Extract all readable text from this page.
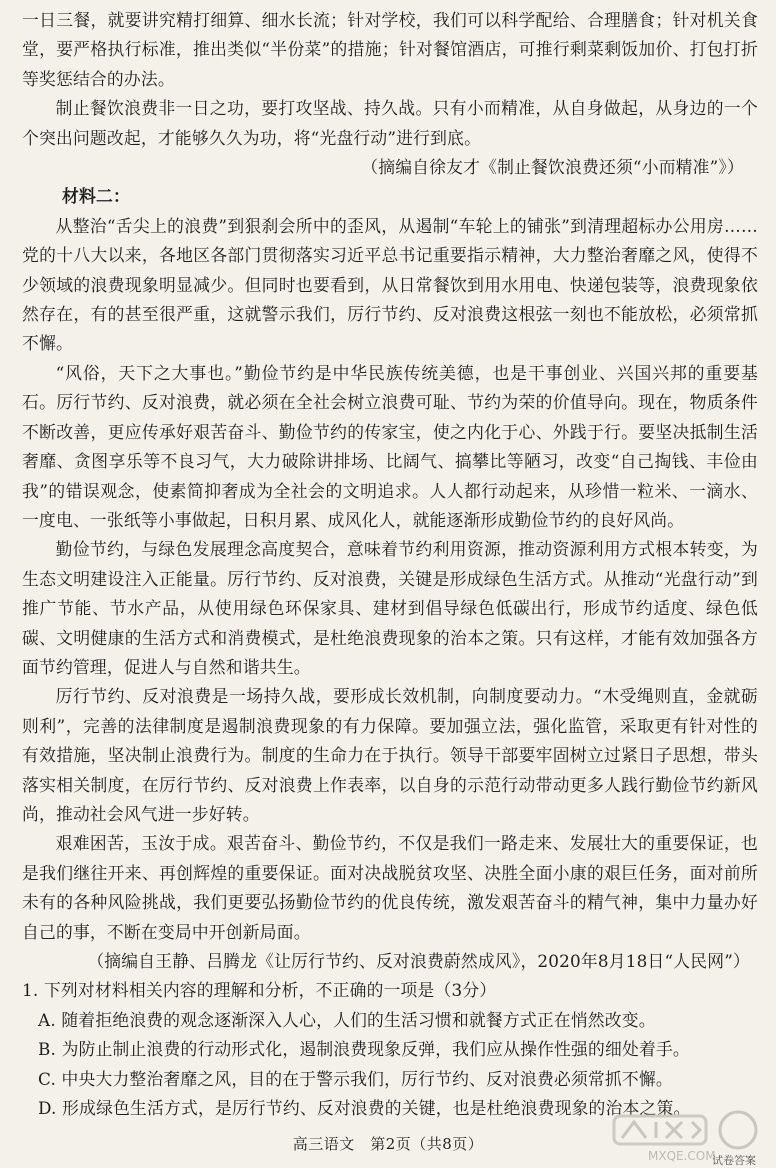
一日三餐，就要讲究精打细算、细水长流；针对学校，我们可以科学配给、合理膳食；针对机关食堂，要严格执行标准，推出类似“半份菜”的措施；针对餐馆酒店，可推行剩菜剩饭加价、打包打折等奖惩结合的办法。

制止餐饮浪费非一日之功，要打攻坚战、持久战。只有小而精准，从自身做起，从身边的一个个突出问题改起，才能够久久为功，将“光盘行动”进行到底。

（摘编自徐友才《制止餐饮浪费还须“小而精准”》）

材料二：

从整治“舌尖上的浪费”到狠刹会所中的歪风，从遏制“车轮上的铺张”到清理超标办公用房……党的十八大以来，各地区各部门贯彻落实习近平总书记重要指示精神，大力整治奢靡之风，使得不少领域的浪费现象明显减少。但同时也要看到，从日常餐饮到用水用电、快递包装等，浪费现象依然存在，有的甚至很严重，这就警示我们，厉行节约、反对浪费这根弦一刻也不能放松，必须常抓不懈。

“风俗，天下之大事也。”勤俭节约是中华民族传统美德，也是干事创业、兴国兴邦的重要基石。厉行节约、反对浪费，就必须在全社会树立浪费可耻、节约为荣的价值导向。现在，物质条件不断改善，更应传承好艰苦奋斗、勤俭节约的传家宝，使之内化于心、外践于行。要坚决抵制生活奢靡、贪图享乐等不良习气，大力破除讲排场、比阔气、搞攀比等陋习，改变“自己掏钱、丰俭由我”的错误观念，使素简抑奢成为全社会的文明追求。人人都行动起来，从珍惜一粒米、一滴水、一度电、一张纸等小事做起，日积月累、成风化人，就能逐渐形成勤俭节约的良好风尚。

勤俭节约，与绿色发展理念高度契合，意味着节约利用资源，推动资源利用方式根本转变，为生态文明建设注入正能量。厉行节约、反对浪费，关键是形成绿色生活方式。从推动“光盘行动”到推广节能、节水产品，从使用绿色环保家具、建材到倡导绿色低碳出行，形成节约适度、绿色低碳、文明健康的生活方式和消费模式，是杜绝浪费现象的治本之策。只有这样，才能有效加强各方面节约管理，促进人与自然和谐共生。

厉行节约、反对浪费是一场持久战，要形成长效机制，向制度要动力。“木受绳则直，金就砺则利”，完善的法律制度是遏制浪费现象的有力保障。要加强立法，强化监管，采取更有针对性的有效措施，坚决制止浪费行为。制度的生命力在于执行。领导干部要牢固树立过紧日子思想，带头落实相关制度，在厉行节约、反对浪费上作表率，以自身的示范行动带动更多人践行勤俭节约新风尚，推动社会风气进一步好转。

艰难困苦，玉汝于成。艰苦奋斗、勤俭节约，不仅是我们一路走来、发展壮大的重要保证，也是我们继往开来、再创辉煌的重要保证。面对决战脱贫攻坚、决胜全面小康的艰巨任务，面对前所未有的各种风险挑战，我们更要弘扬勤俭节约的优良传统，激发艰苦奋斗的精气神，集中力量办好自己的事，不断在变局中开创新局面。

（摘编自王静、吕腾龙《让厉行节约、反对浪费蔚然成风》，2020年8月18日“人民网”）

1. 下列对材料相关内容的理解和分析，不正确的一项是（3分）

A. 随着拒绝浪费的观念逐渐深入人心，人们的生活习惯和就餐方式正在悄然改变。

B. 为防止制止浪费的行动形式化，遏制浪费现象反弹，我们应从操作性强的细处着手。

C. 中央大力整治奢靡之风，目的在于警示我们，厉行节约、反对浪费必须常抓不懈。

D. 形成绿色生活方式，是厉行节约、反对浪费的关键，也是杜绝浪费现象的治本之策。

高三语文　第2页（共8页）
MXQE.COM
试卷答案
